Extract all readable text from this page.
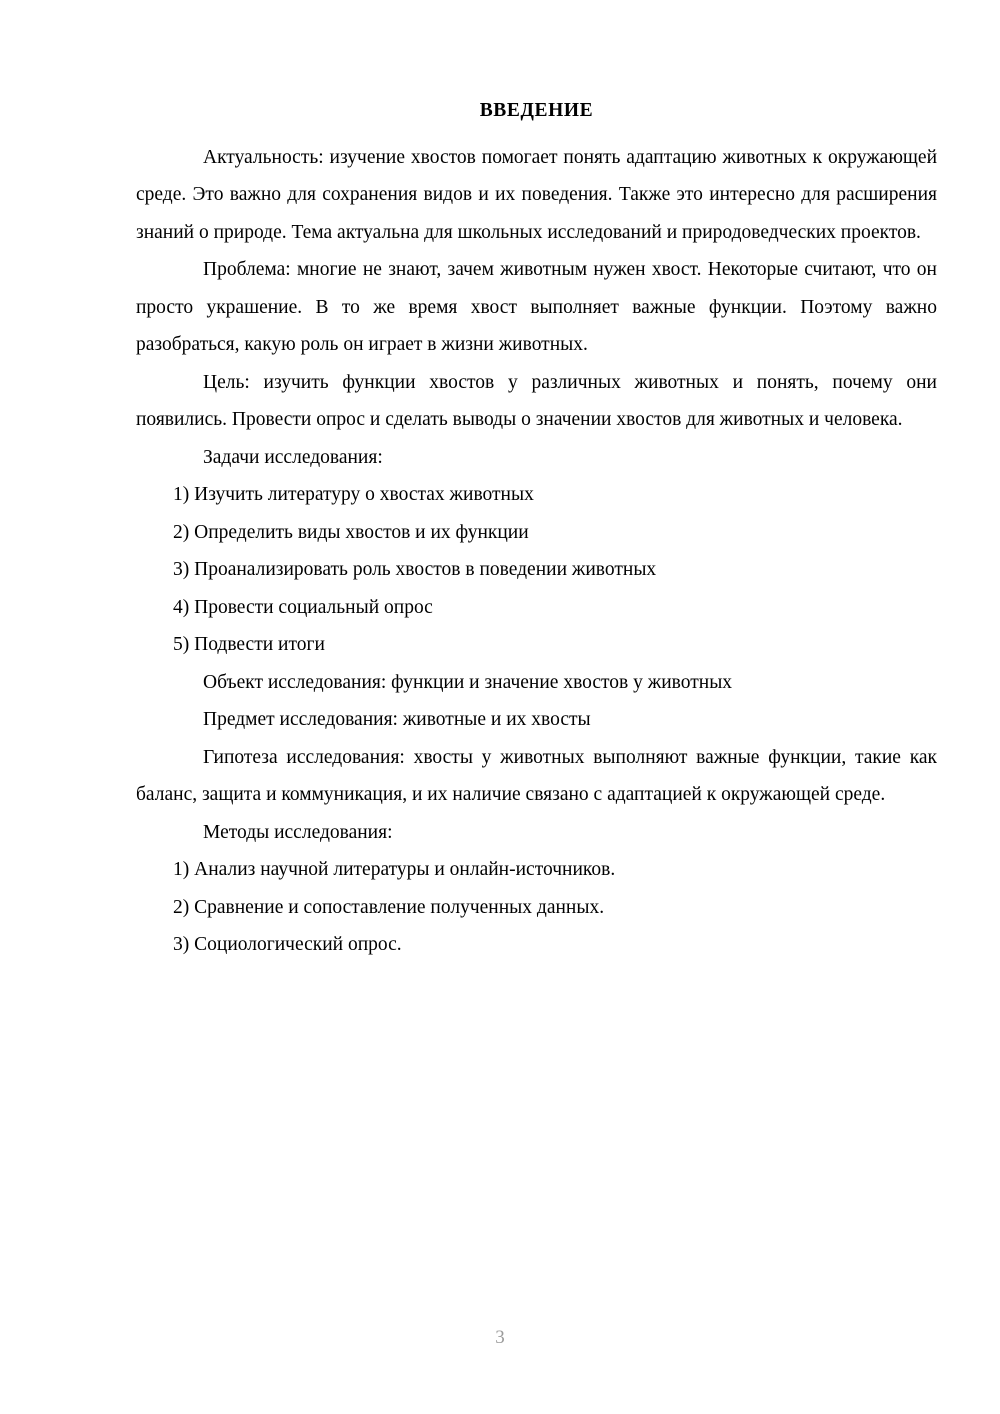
ВВЕДЕНИЕ

Актуальность: изучение хвостов помогает понять адаптацию животных к окружающей среде. Это важно для сохранения видов и их поведения. Также это интересно для расширения знаний о природе. Тема актуальна для школьных исследований и природоведческих проектов.

Проблема: многие не знают, зачем животным нужен хвост. Некоторые считают, что он просто украшение. В то же время хвост выполняет важные функции. Поэтому важно разобраться, какую роль он играет в жизни животных.

Цель: изучить функции хвостов у различных животных и понять, почему они появились. Провести опрос и сделать выводы о значении хвостов для животных и человека.

Задачи исследования:

1) Изучить литературу о хвостах животных

2) Определить виды хвостов и их функции

3) Проанализировать роль хвостов в поведении животных

4) Провести социальный опрос

5) Подвести итоги

Объект исследования: функции и значение хвостов у животных

Предмет исследования: животные и их хвосты

Гипотеза исследования: хвосты у животных выполняют важные функции, такие как баланс, защита и коммуникация, и их наличие связано с адаптацией к окружающей среде.

Методы исследования:

1) Анализ научной литературы и онлайн-источников.

2) Сравнение и сопоставление полученных данных.

3) Социологический опрос.

3
